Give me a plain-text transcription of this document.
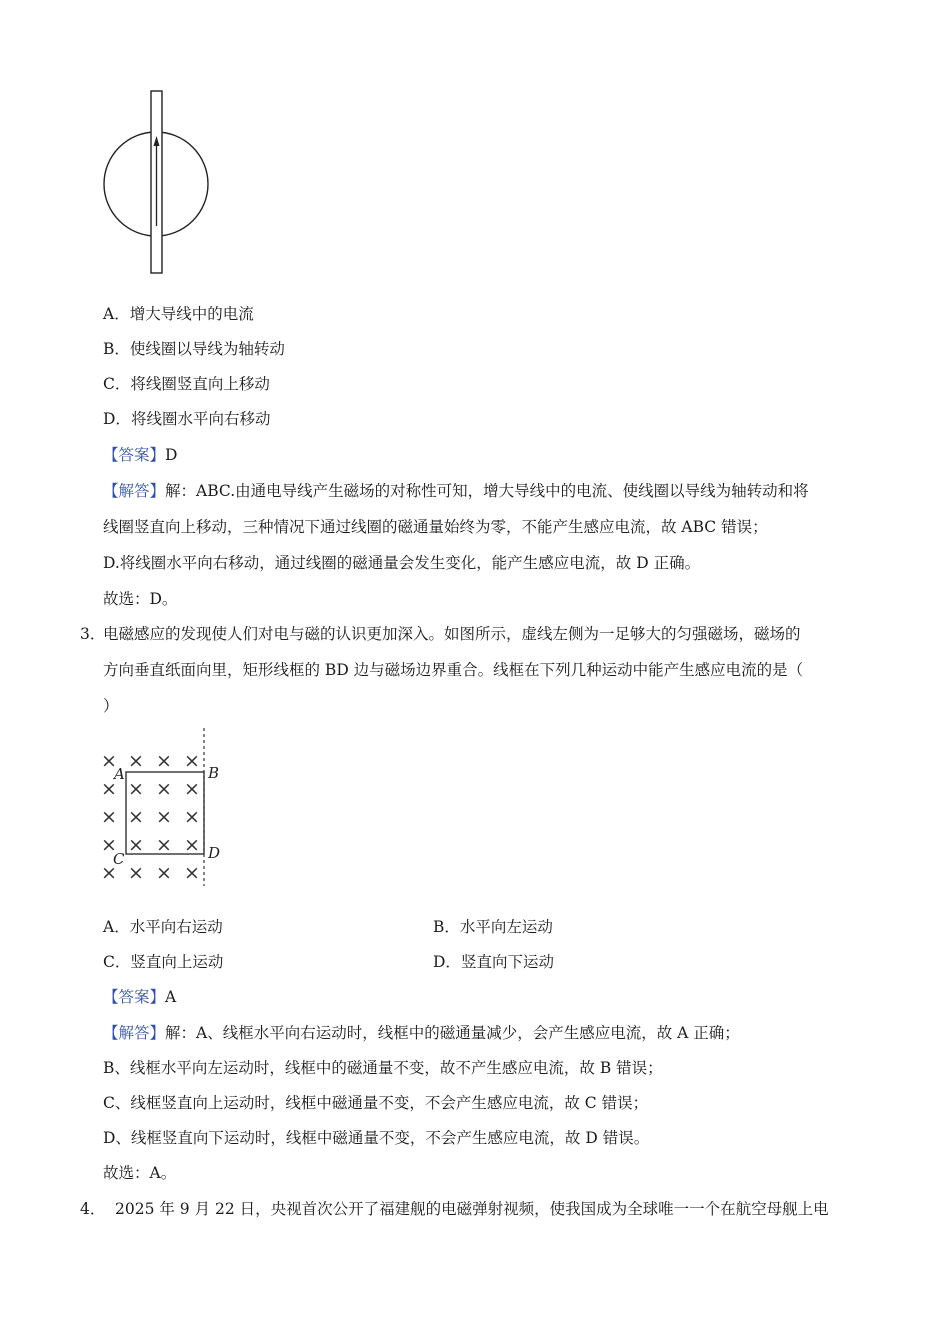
A．增大导线中的电流
B．使线圈以导线为轴转动
C．将线圈竖直向上移动
D．将线圈水平向右移动
【答案】D
【解答】解：ABC.由通电导线产生磁场的对称性可知，增大导线中的电流、使线圈以导线为轴转动和将
线圈竖直向上移动，三种情况下通过线圈的磁通量始终为零，不能产生感应电流，故 ABC 错误；
D.将线圈水平向右移动，通过线圈的磁通量会发生变化，能产生感应电流，故 D 正确。
故选：D。
3．
电磁感应的发现使人们对电与磁的认识更加深入。如图所示，虚线左侧为一足够大的匀强磁场，磁场的
方向垂直纸面向里，矩形线框的 BD 边与磁场边界重合。线框在下列几种运动中能产生感应电流的是（
）
× × × ×
× × × ×
× × × ×
× × × ×
× × × ×
A	B
C	D
A．水平向右运动	B．水平向左运动
C．竖直向上运动	D．竖直向下运动
【答案】A
【解答】解：A、线框水平向右运动时，线框中的磁通量减少，会产生感应电流，故 A 正确；
B、线框水平向左运动时，线框中的磁通量不变，故不产生感应电流，故 B 错误；
C、线框竖直向上运动时，线框中磁通量不变，不会产生感应电流，故 C 错误；
D、线框竖直向下运动时，线框中磁通量不变，不会产生感应电流，故 D 错误。
故选：A。
4． 2025 年 9 月 22 日，央视首次公开了福建舰的电磁弹射视频，使我国成为全球唯一一个在航空母舰上电
